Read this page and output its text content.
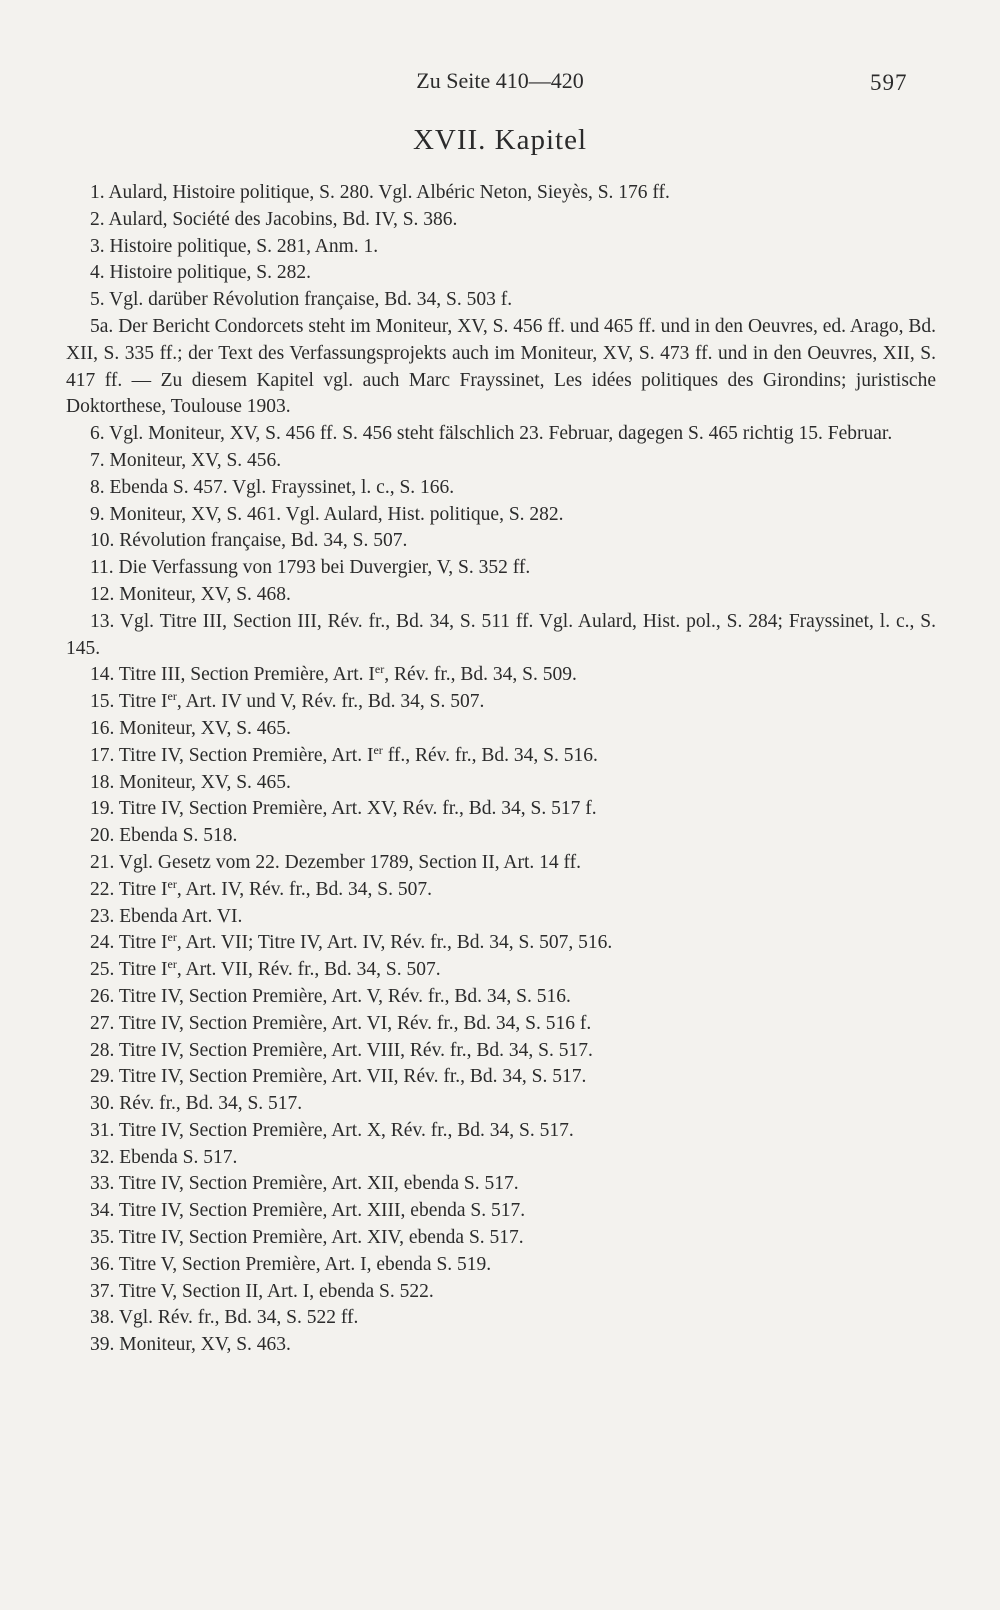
Zu Seite 410—420	597
XVII. Kapitel
1. Aulard, Histoire politique, S. 280. Vgl. Albéric Neton, Sieyès, S. 176 ff.
2. Aulard, Société des Jacobins, Bd. IV, S. 386.
3. Histoire politique, S. 281, Anm. 1.
4. Histoire politique, S. 282.
5. Vgl. darüber Révolution française, Bd. 34, S. 503 f.
5a. Der Bericht Condorcets steht im Moniteur, XV, S. 456 ff. und 465 ff. und in den Oeuvres, ed. Arago, Bd. XII, S. 335 ff.; der Text des Verfassungsprojekts auch im Moniteur, XV, S. 473 ff. und in den Oeuvres, XII, S. 417 ff. — Zu diesem Kapitel vgl. auch Marc Frayssinet, Les idées politiques des Girondins; juristische Doktorthese, Toulouse 1903.
6. Vgl. Moniteur, XV, S. 456 ff. S. 456 steht fälschlich 23. Februar, dagegen S. 465 richtig 15. Februar.
7. Moniteur, XV, S. 456.
8. Ebenda S. 457. Vgl. Frayssinet, l. c., S. 166.
9. Moniteur, XV, S. 461. Vgl. Aulard, Hist. politique, S. 282.
10. Révolution française, Bd. 34, S. 507.
11. Die Verfassung von 1793 bei Duvergier, V, S. 352 ff.
12. Moniteur, XV, S. 468.
13. Vgl. Titre III, Section III, Rév. fr., Bd. 34, S. 511 ff. Vgl. Aulard, Hist. pol., S. 284; Frayssinet, l. c., S. 145.
14. Titre III, Section Première, Art. Ier, Rév. fr., Bd. 34, S. 509.
15. Titre Ier, Art. IV und V, Rév. fr., Bd. 34, S. 507.
16. Moniteur, XV, S. 465.
17. Titre IV, Section Première, Art. Ier ff., Rév. fr., Bd. 34, S. 516.
18. Moniteur, XV, S. 465.
19. Titre IV, Section Première, Art. XV, Rév. fr., Bd. 34, S. 517 f.
20. Ebenda S. 518.
21. Vgl. Gesetz vom 22. Dezember 1789, Section II, Art. 14 ff.
22. Titre Ier, Art. IV, Rév. fr., Bd. 34, S. 507.
23. Ebenda Art. VI.
24. Titre Ier, Art. VII; Titre IV, Art. IV, Rév. fr., Bd. 34, S. 507, 516.
25. Titre Ier, Art. VII, Rév. fr., Bd. 34, S. 507.
26. Titre IV, Section Première, Art. V, Rév. fr., Bd. 34, S. 516.
27. Titre IV, Section Première, Art. VI, Rév. fr., Bd. 34, S. 516 f.
28. Titre IV, Section Première, Art. VIII, Rév. fr., Bd. 34, S. 517.
29. Titre IV, Section Première, Art. VII, Rév. fr., Bd. 34, S. 517.
30. Rév. fr., Bd. 34, S. 517.
31. Titre IV, Section Première, Art. X, Rév. fr., Bd. 34, S. 517.
32. Ebenda S. 517.
33. Titre IV, Section Première, Art. XII, ebenda S. 517.
34. Titre IV, Section Première, Art. XIII, ebenda S. 517.
35. Titre IV, Section Première, Art. XIV, ebenda S. 517.
36. Titre V, Section Première, Art. I, ebenda S. 519.
37. Titre V, Section II, Art. I, ebenda S. 522.
38. Vgl. Rév. fr., Bd. 34, S. 522 ff.
39. Moniteur, XV, S. 463.
